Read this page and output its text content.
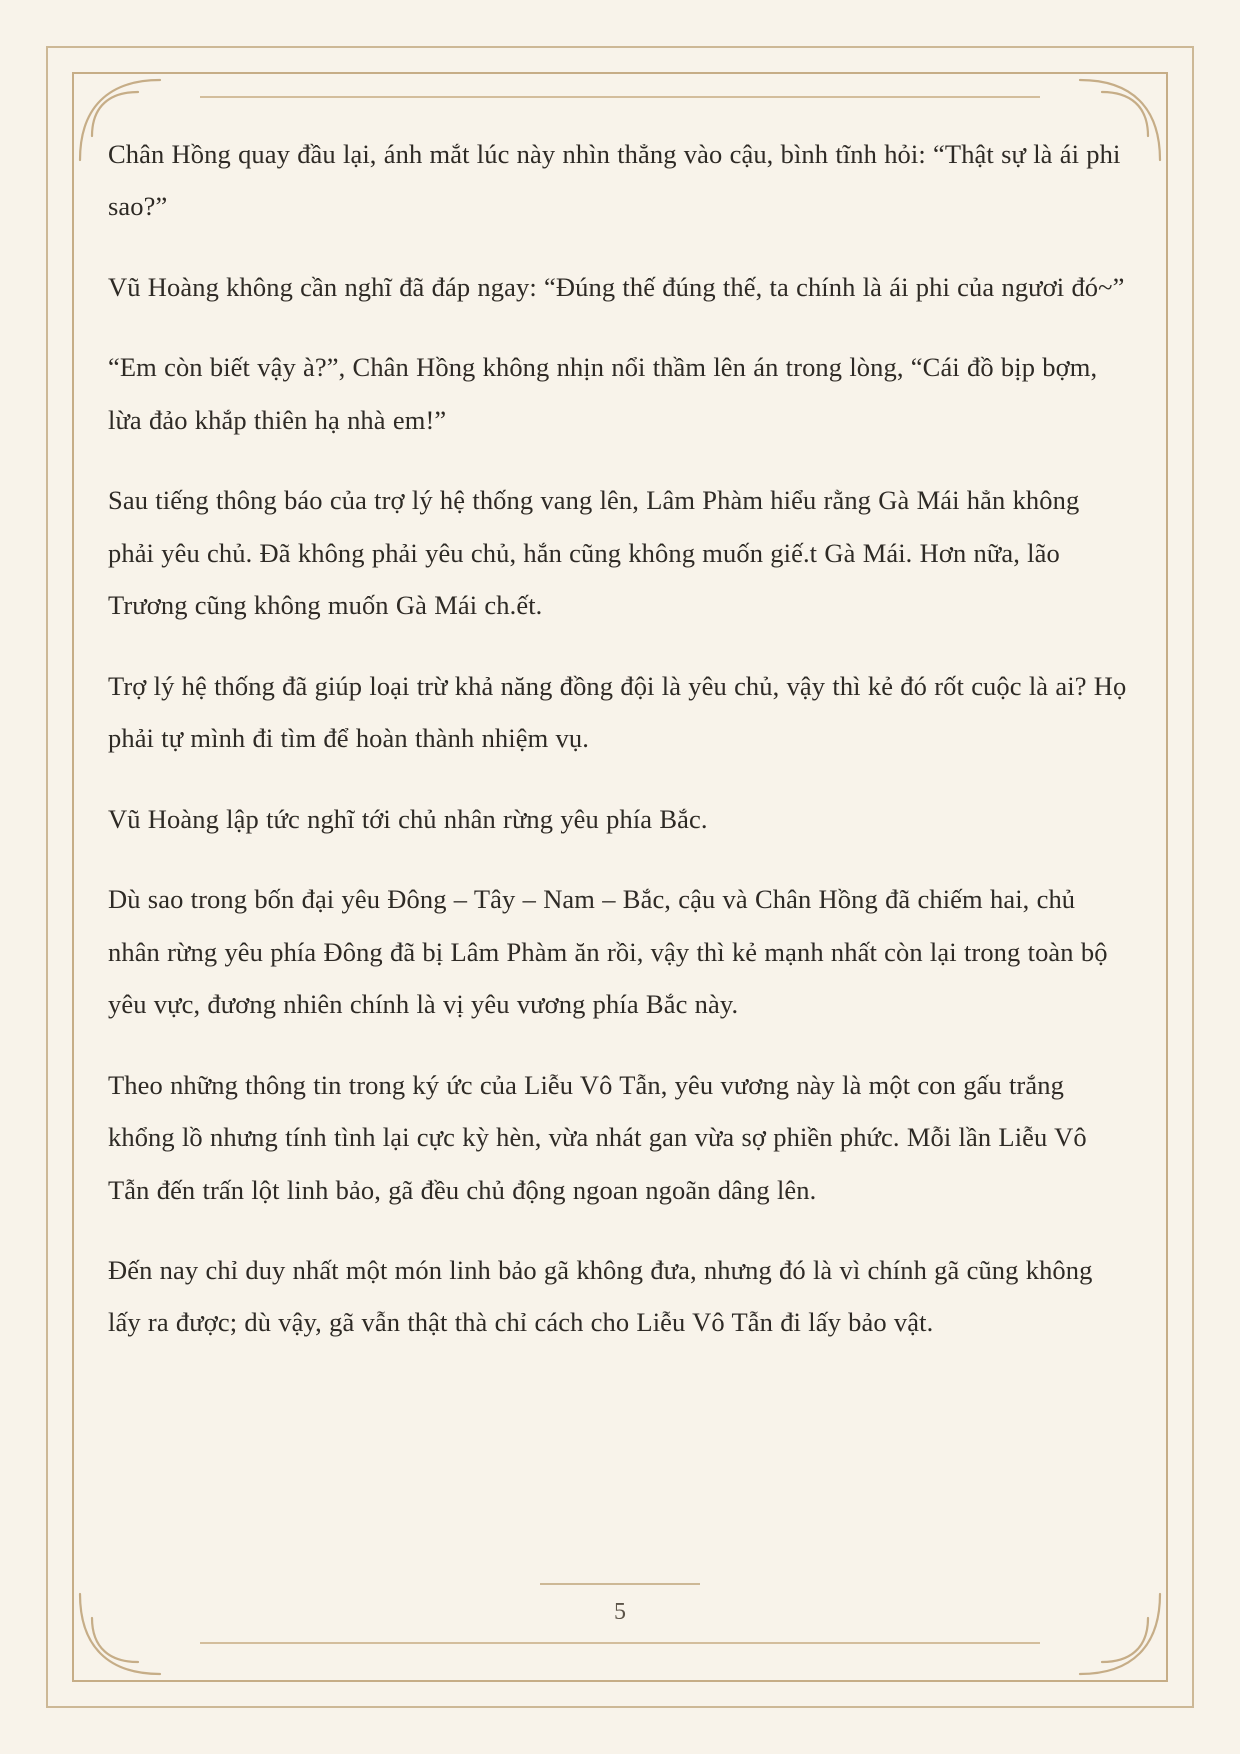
Chân Hồng quay đầu lại, ánh mắt lúc này nhìn thẳng vào cậu, bình tĩnh hỏi: “Thật sự là ái phi sao?”

Vũ Hoàng không cần nghĩ đã đáp ngay: “Đúng thế đúng thế, ta chính là ái phi của ngươi đó~”

“Em còn biết vậy à?”, Chân Hồng không nhịn nổi thầm lên án trong lòng, “Cái đồ bịp bợm, lừa đảo khắp thiên hạ nhà em!”

Sau tiếng thông báo của trợ lý hệ thống vang lên, Lâm Phàm hiểu rằng Gà Mái hẳn không phải yêu chủ. Đã không phải yêu chủ, hắn cũng không muốn giế.t Gà Mái. Hơn nữa, lão Trương cũng không muốn Gà Mái ch.ết.

Trợ lý hệ thống đã giúp loại trừ khả năng đồng đội là yêu chủ, vậy thì kẻ đó rốt cuộc là ai? Họ phải tự mình đi tìm để hoàn thành nhiệm vụ.

Vũ Hoàng lập tức nghĩ tới chủ nhân rừng yêu phía Bắc.

Dù sao trong bốn đại yêu Đông – Tây – Nam – Bắc, cậu và Chân Hồng đã chiếm hai, chủ nhân rừng yêu phía Đông đã bị Lâm Phàm ăn rồi, vậy thì kẻ mạnh nhất còn lại trong toàn bộ yêu vực, đương nhiên chính là vị yêu vương phía Bắc này.

Theo những thông tin trong ký ức của Liễu Vô Tẫn, yêu vương này là một con gấu trắng khổng lồ nhưng tính tình lại cực kỳ hèn, vừa nhát gan vừa sợ phiền phức. Mỗi lần Liễu Vô Tẫn đến trấn lột linh bảo, gã đều chủ động ngoan ngoãn dâng lên.

Đến nay chỉ duy nhất một món linh bảo gã không đưa, nhưng đó là vì chính gã cũng không lấy ra được; dù vậy, gã vẫn thật thà chỉ cách cho Liễu Vô Tẫn đi lấy bảo vật.

5
